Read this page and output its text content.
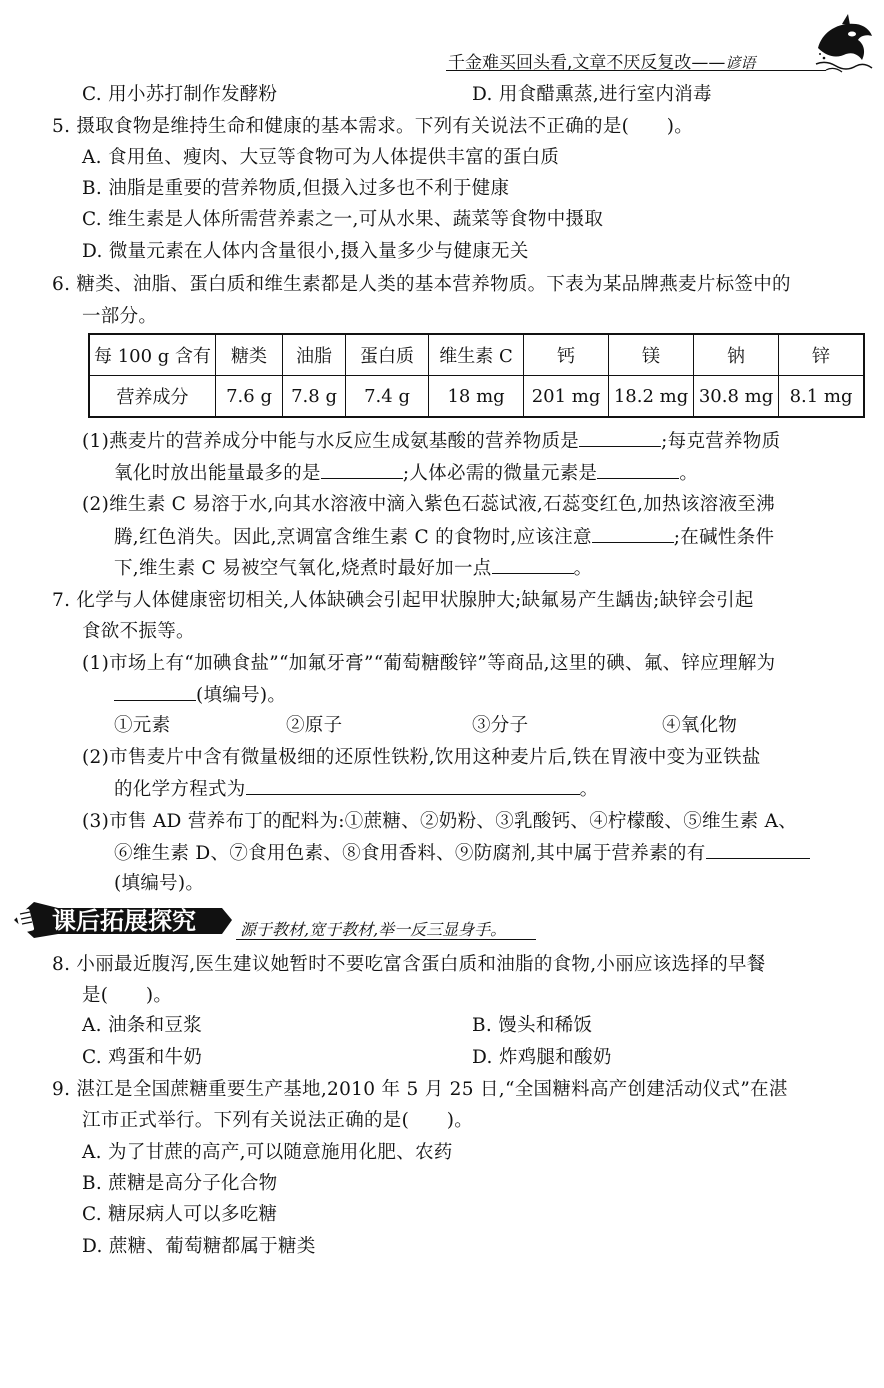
千金难买回头看,文章不厌反复改——谚语
C. 用小苏打制作发酵粉	D. 用食醋熏蒸,进行室内消毒
5. 摄取食物是维持生命和健康的基本需求。下列有关说法不正确的是(　　)。
A. 食用鱼、瘦肉、大豆等食物可为人体提供丰富的蛋白质
B. 油脂是重要的营养物质,但摄入过多也不利于健康
C. 维生素是人体所需营养素之一,可从水果、蔬菜等食物中摄取
D. 微量元素在人体内含量很小,摄入量多少与健康无关
6. 糖类、油脂、蛋白质和维生素都是人类的基本营养物质。下表为某品牌燕麦片标签中的
一部分。
每 100 g 含有	糖类	油脂	蛋白质	维生素 C	钙	镁	钠	锌
营养成分	7.6 g	7.8 g	7.4 g	18 mg	201 mg	18.2 mg	30.8 mg	8.1 mg
(1)燕麦片的营养成分中能与水反应生成氨基酸的营养物质是	;每克营养物质
氧化时放出能量最多的是	;人体必需的微量元素是	。
(2)维生素 C 易溶于水,向其水溶液中滴入紫色石蕊试液,石蕊变红色,加热该溶液至沸
腾,红色消失。因此,烹调富含维生素 C 的食物时,应该注意	;在碱性条件
下,维生素 C 易被空气氧化,烧煮时最好加一点	。
7. 化学与人体健康密切相关,人体缺碘会引起甲状腺肿大;缺氟易产生龋齿;缺锌会引起
食欲不振等。
(1)市场上有“加碘食盐”“加氟牙膏”“葡萄糖酸锌”等商品,这里的碘、氟、锌应理解为
(填编号)。
①元素	②原子	③分子	④氧化物
(2)市售麦片中含有微量极细的还原性铁粉,饮用这种麦片后,铁在胃液中变为亚铁盐
的化学方程式为	。
(3)市售 AD 营养布丁的配料为:①蔗糖、②奶粉、③乳酸钙、④柠檬酸、⑤维生素 A、
⑥维生素 D、⑦食用色素、⑧食用香料、⑨防腐剂,其中属于营养素的有
(填编号)。
课后拓展探究	源于教材,宽于教材,举一反三显身手。
8. 小丽最近腹泻,医生建议她暂时不要吃富含蛋白质和油脂的食物,小丽应该选择的早餐
是(　　)。
A. 油条和豆浆	B. 馒头和稀饭
C. 鸡蛋和牛奶	D. 炸鸡腿和酸奶
9. 湛江是全国蔗糖重要生产基地,2010 年 5 月 25 日,“全国糖料高产创建活动仪式”在湛
江市正式举行。下列有关说法正确的是(　　)。
A. 为了甘蔗的高产,可以随意施用化肥、农药
B. 蔗糖是高分子化合物
C. 糖尿病人可以多吃糖
D. 蔗糖、葡萄糖都属于糖类
